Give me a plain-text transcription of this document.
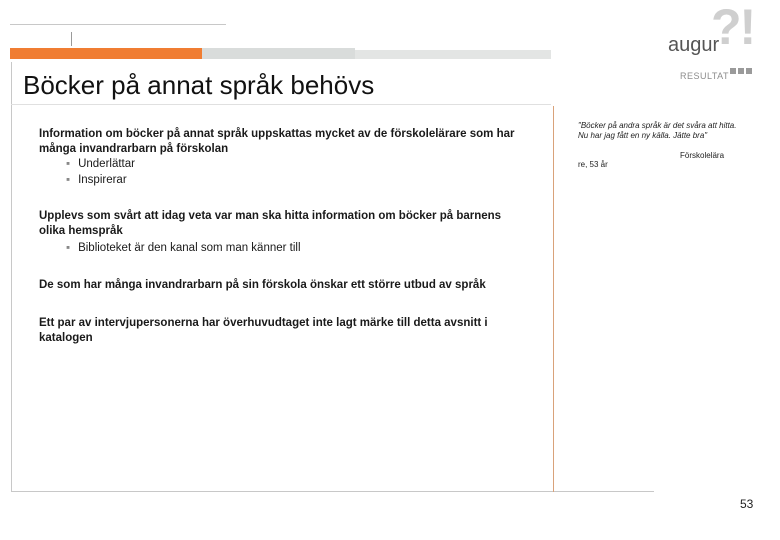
?!
augur
RESULTAT
Böcker på annat språk behövs
Information om böcker på annat språk uppskattas mycket av de förskolelärare som har många invandrarbarn på förskolan
▪ Underlättar
▪ Inspirerar
Upplevs som svårt att idag veta var man ska hitta information om böcker på barnens olika hemspråk
▪ Biblioteket är den kanal som man känner till
De som har många invandrarbarn på sin förskola önskar ett större utbud av språk
Ett par av intervjupersonerna har överhuvudtaget inte lagt märke till detta avsnitt i katalogen
"Böcker på andra språk är det svåra att hitta. Nu har jag fått en ny källa. Jätte bra"
Förskolelära
re, 53 år
53
